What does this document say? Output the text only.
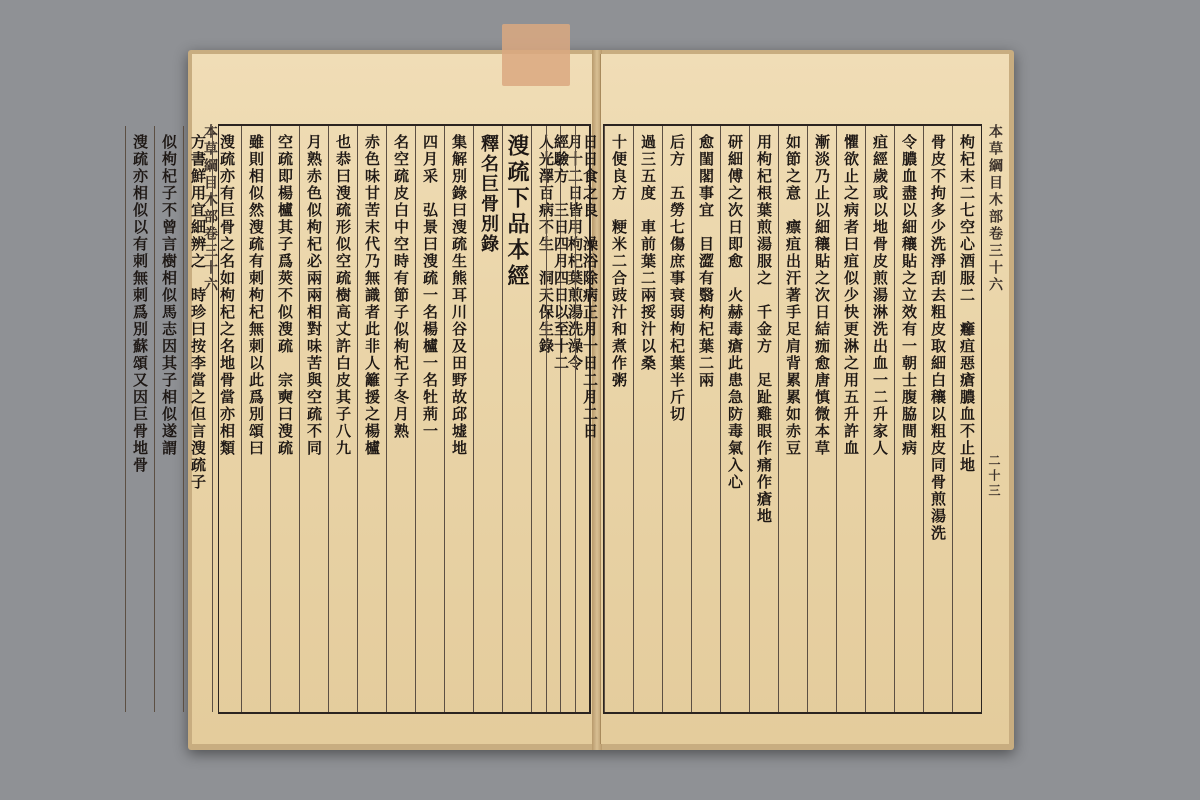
本草綱目木部卷三十六	月十二日皆用枸杞葉煎湯洗澡令
人光澤百病不生　洞天保生錄
溲疏下品本經
釋名巨骨別錄
集解別錄曰溲疏生熊耳川谷及田野故邱墟地
四月采　弘景曰溲疏一名楊櫨一名牡荊一
名空疏皮白中空時有節子似枸杞子冬月熟
赤色味甘苦末代乃無識者此非人籬援之楊櫨
也恭曰溲疏形似空疏樹高丈許白皮其子八九
月熟赤色似枸杞必兩兩相對味苦與空疏不同
空疏即楊櫨其子爲莢不似溲疏　宗奭曰溲疏
雖則相似然溲疏有刺枸杞無刺以此爲別頌曰
溲疏亦有巨骨之名如枸杞之名地骨當亦相類
方書鮮用宜細辨之　時珍曰按李當之但言溲疏子
似枸杞子不曾言樹相似馬志因其子相似遂謂
溲疏亦相似以有刺無刺爲別蘇頌又因巨骨地骨	枸杞末二七空心酒服二　癰疽惡瘡膿血不止地
骨皮不拘多少洗淨刮去粗皮取細白穰以粗皮同骨煎湯洗
令膿血盡以細穰貼之立效有一朝士腹脇間病
疽經歲或以地骨皮煎湯淋洗出血一二升家人
懼欲止之病者曰疽似少快更淋之用五升許血
漸淡乃止以細穰貼之次日結痂愈唐慎微本草
如節之意　瘭疽出汗著手足肩背累累如赤豆
用枸杞根葉煎湯服之　千金方　足趾雞眼作痛作瘡地
研細傅之次日即愈　火赫毒瘡此患急防毒氣入心
愈閨閣事宜　目澀有翳枸杞葉二兩
后方　五勞七傷庶事衰弱枸杞葉半斤切
過三五度　車前葉二兩挼汁以桑
十便良方　粳米二合豉汁和煮作粥
日日食之良　澡浴除病正月一日二月二日
經驗方　三日四月四日以至十二	本草綱目木部卷三十六
二十三
